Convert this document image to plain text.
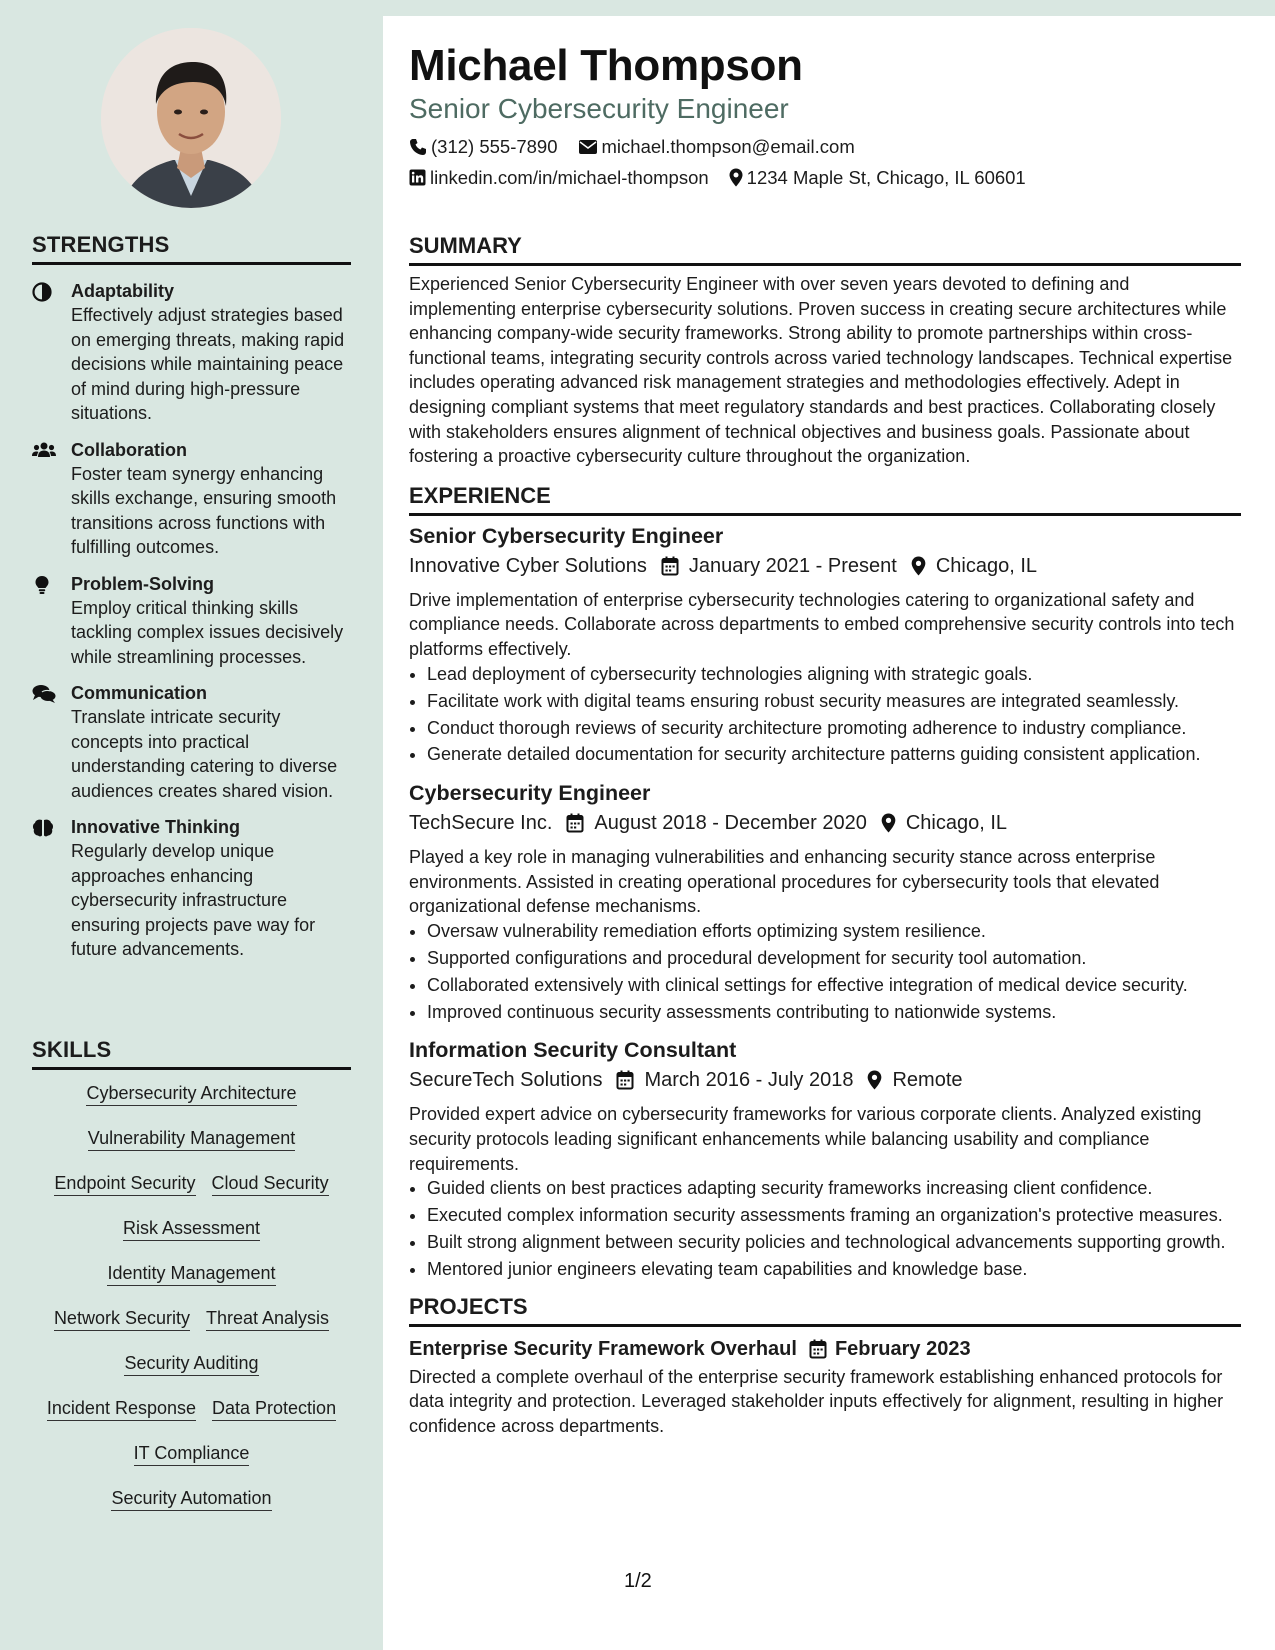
STRENGTHS
Adaptability
Effectively adjust strategies based on emerging threats, making rapid decisions while maintaining peace of mind during high-pressure situations.
Collaboration
Foster team synergy enhancing skills exchange, ensuring smooth transitions across functions with fulfilling outcomes.
Problem-Solving
Employ critical thinking skills tackling complex issues decisively while streamlining processes.
Communication
Translate intricate security concepts into practical understanding catering to diverse audiences creates shared vision.
Innovative Thinking
Regularly develop unique approaches enhancing cybersecurity infrastructure ensuring projects pave way for future advancements.
SKILLS
Cybersecurity Architecture
Vulnerability Management
Endpoint Security Cloud Security
Risk Assessment
Identity Management
Network Security Threat Analysis
Security Auditing
Incident Response Data Protection
IT Compliance
Security Automation
Michael Thompson
Senior Cybersecurity Engineer
(312) 555-7890 michael.thompson@email.com
linkedin.com/in/michael-thompson 1234 Maple St, Chicago, IL 60601
SUMMARY

Experienced Senior Cybersecurity Engineer with over seven years devoted to defining and implementing enterprise cybersecurity solutions. Proven success in creating secure architectures while enhancing company-wide security frameworks. Strong ability to promote partnerships within cross-functional teams, integrating security controls across varied technology landscapes. Technical expertise includes operating advanced risk management strategies and methodologies effectively. Adept in designing compliant systems that meet regulatory standards and best practices. Collaborating closely with stakeholders ensures alignment of technical objectives and business goals. Passionate about fostering a proactive cybersecurity culture throughout the organization.

EXPERIENCE
Senior Cybersecurity Engineer
Innovative Cyber Solutions January 2021 - Present Chicago, IL

Drive implementation of enterprise cybersecurity technologies catering to organizational safety and compliance needs. Collaborate across departments to embed comprehensive security controls into tech platforms effectively.

• Lead deployment of cybersecurity technologies aligning with strategic goals.
• Facilitate work with digital teams ensuring robust security measures are integrated seamlessly.
• Conduct thorough reviews of security architecture promoting adherence to industry compliance.
• Generate detailed documentation for security architecture patterns guiding consistent application.
Cybersecurity Engineer
TechSecure Inc. August 2018 - December 2020 Chicago, IL

Played a key role in managing vulnerabilities and enhancing security stance across enterprise environments. Assisted in creating operational procedures for cybersecurity tools that elevated organizational defense mechanisms.

• Oversaw vulnerability remediation efforts optimizing system resilience.
• Supported configurations and procedural development for security tool automation.
• Collaborated extensively with clinical settings for effective integration of medical device security.
• Improved continuous security assessments contributing to nationwide systems.
Information Security Consultant
SecureTech Solutions March 2016 - July 2018 Remote

Provided expert advice on cybersecurity frameworks for various corporate clients. Analyzed existing security protocols leading significant enhancements while balancing usability and compliance requirements.

• Guided clients on best practices adapting security frameworks increasing client confidence.
• Executed complex information security assessments framing an organization's protective measures.
• Built strong alignment between security policies and technological advancements supporting growth.
• Mentored junior engineers elevating team capabilities and knowledge base.
PROJECTS
Enterprise Security Framework Overhaul February 2023

Directed a complete overhaul of the enterprise security framework establishing enhanced protocols for data integrity and protection. Leveraged stakeholder inputs effectively for alignment, resulting in higher confidence across departments.

1/2
